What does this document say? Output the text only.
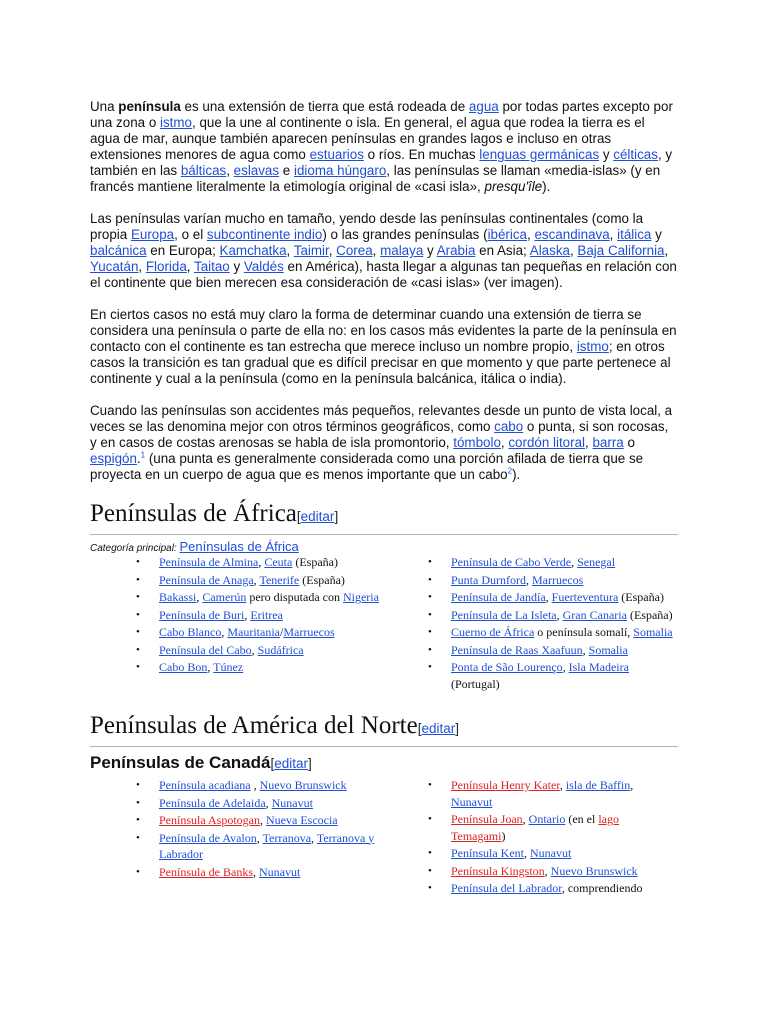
Una península es una extensión de tierra que está rodeada de agua por todas partes excepto por una zona o istmo, que la une al continente o isla. En general, el agua que rodea la tierra es el agua de mar, aunque también aparecen penínsulas en grandes lagos e incluso en otras extensiones menores de agua como estuarios o ríos. En muchas lenguas germánicas y célticas, y también en las bálticas, eslavas e idioma húngaro, las penínsulas se llaman «media-islas» (y en francés mantiene literalmente la etimología original de «casi isla», presqu'île).

Las penínsulas varían mucho en tamaño, yendo desde las penínsulas continentales (como la propia Europa, o el subcontinente indio) o las grandes penínsulas (ibérica, escandinava, itálica y balcánica en Europa; Kamchatka, Taimir, Corea, malaya y Arabia en Asia; Alaska, Baja California, Yucatán, Florida, Taitao y Valdés en América), hasta llegar a algunas tan pequeñas en relación con el continente que bien merecen esa consideración de «casi islas» (ver imagen).

En ciertos casos no está muy claro la forma de determinar cuando una extensión de tierra se considera una península o parte de ella no: en los casos más evidentes la parte de la península en contacto con el continente es tan estrecha que merece incluso un nombre propio, istmo; en otros casos la transición es tan gradual que es difícil precisar en que momento y que parte pertenece al continente y cual a la península (como en la península balcánica, itálica o india).

Cuando las penínsulas son accidentes más pequeños, relevantes desde un punto de vista local, a veces se las denomina mejor con otros términos geográficos, como cabo o punta, si son rocosas, y en casos de costas arenosas se habla de isla promontorio, tómbolo, cordón litoral, barra o espigón.$^1$ (una punta es generalmente considerada como una porción afilada de tierra que se proyecta en un cuerpo de agua que es menos importante que un cabo$^2$).

Penínsulas de África[editar]
Categoría principal: Penínsulas de África
• Península de Almina, Ceuta (España)
• Península de Anaga, Tenerife (España)
• Bakassi, Camerún pero disputada con Nigeria
• Península de Buri, Eritrea
• Cabo Blanco, Mauritania/Marruecos
• Península del Cabo, Sudáfrica
• Cabo Bon, Túnez
• Península de Cabo Verde, Senegal
• Punta Durnford, Marruecos
• Península de Jandía, Fuerteventura (España)
• Península de La Isleta, Gran Canaria (España)
• Cuerno de África o península somalí, Somalia
• Península de Raas Xaafuun, Somalia
• Ponta de São Lourenço, Isla Madeira (Portugal)
Penínsulas de América del Norte[editar]
Penínsulas de Canadá[editar]
• Península acadiana , Nuevo Brunswick
• Península de Adelaida, Nunavut
• Península Aspotogan, Nueva Escocia
• Península de Avalon, Terranova, Terranova y Labrador
• Península de Banks, Nunavut
• Península Henry Kater, isla de Baffin, Nunavut
• Península Joan, Ontario (en el lago Temagami)
• Península Kent, Nunavut
• Península Kingston, Nuevo Brunswick
• Península del Labrador, comprendiendo
